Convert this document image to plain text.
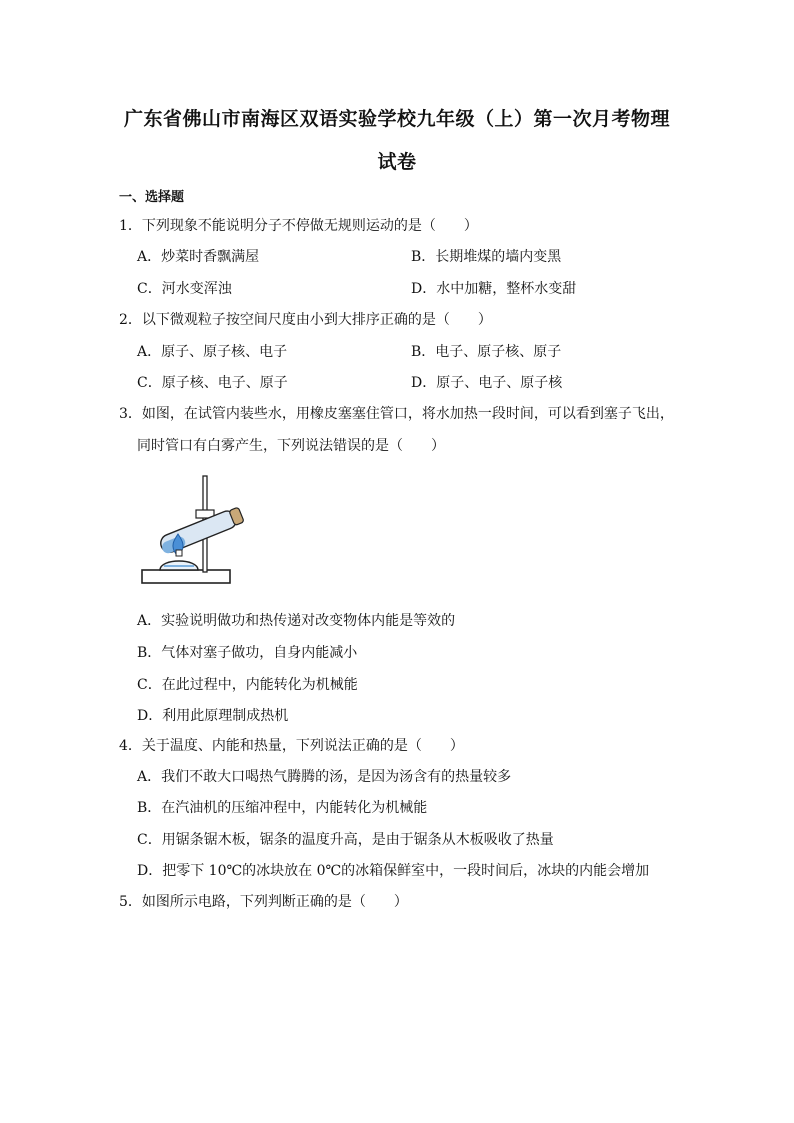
广东省佛山市南海区双语实验学校九年级（上）第一次月考物理
试卷
一、选择题
1．下列现象不能说明分子不停做无规则运动的是（　　）
A．炒菜时香飘满屋	B．长期堆煤的墙内变黑
C．河水变浑浊	D．水中加糖，整杯水变甜
2．以下微观粒子按空间尺度由小到大排序正确的是（　　）
A．原子、原子核、电子	B．电子、原子核、原子
C．原子核、电子、原子	D．原子、电子、原子核
3．如图，在试管内装些水，用橡皮塞塞住管口，将水加热一段时间，可以看到塞子飞出，
同时管口有白雾产生，下列说法错误的是（　　）
A．实验说明做功和热传递对改变物体内能是等效的
B．气体对塞子做功，自身内能减小
C．在此过程中，内能转化为机械能
D．利用此原理制成热机
4．关于温度、内能和热量，下列说法正确的是（　　）
A．我们不敢大口喝热气腾腾的汤，是因为汤含有的热量较多
B．在汽油机的压缩冲程中，内能转化为机械能
C．用锯条锯木板，锯条的温度升高，是由于锯条从木板吸收了热量
D．把零下 10℃的冰块放在 0℃的冰箱保鲜室中，一段时间后，冰块的内能会增加
5．如图所示电路，下列判断正确的是（　　）
